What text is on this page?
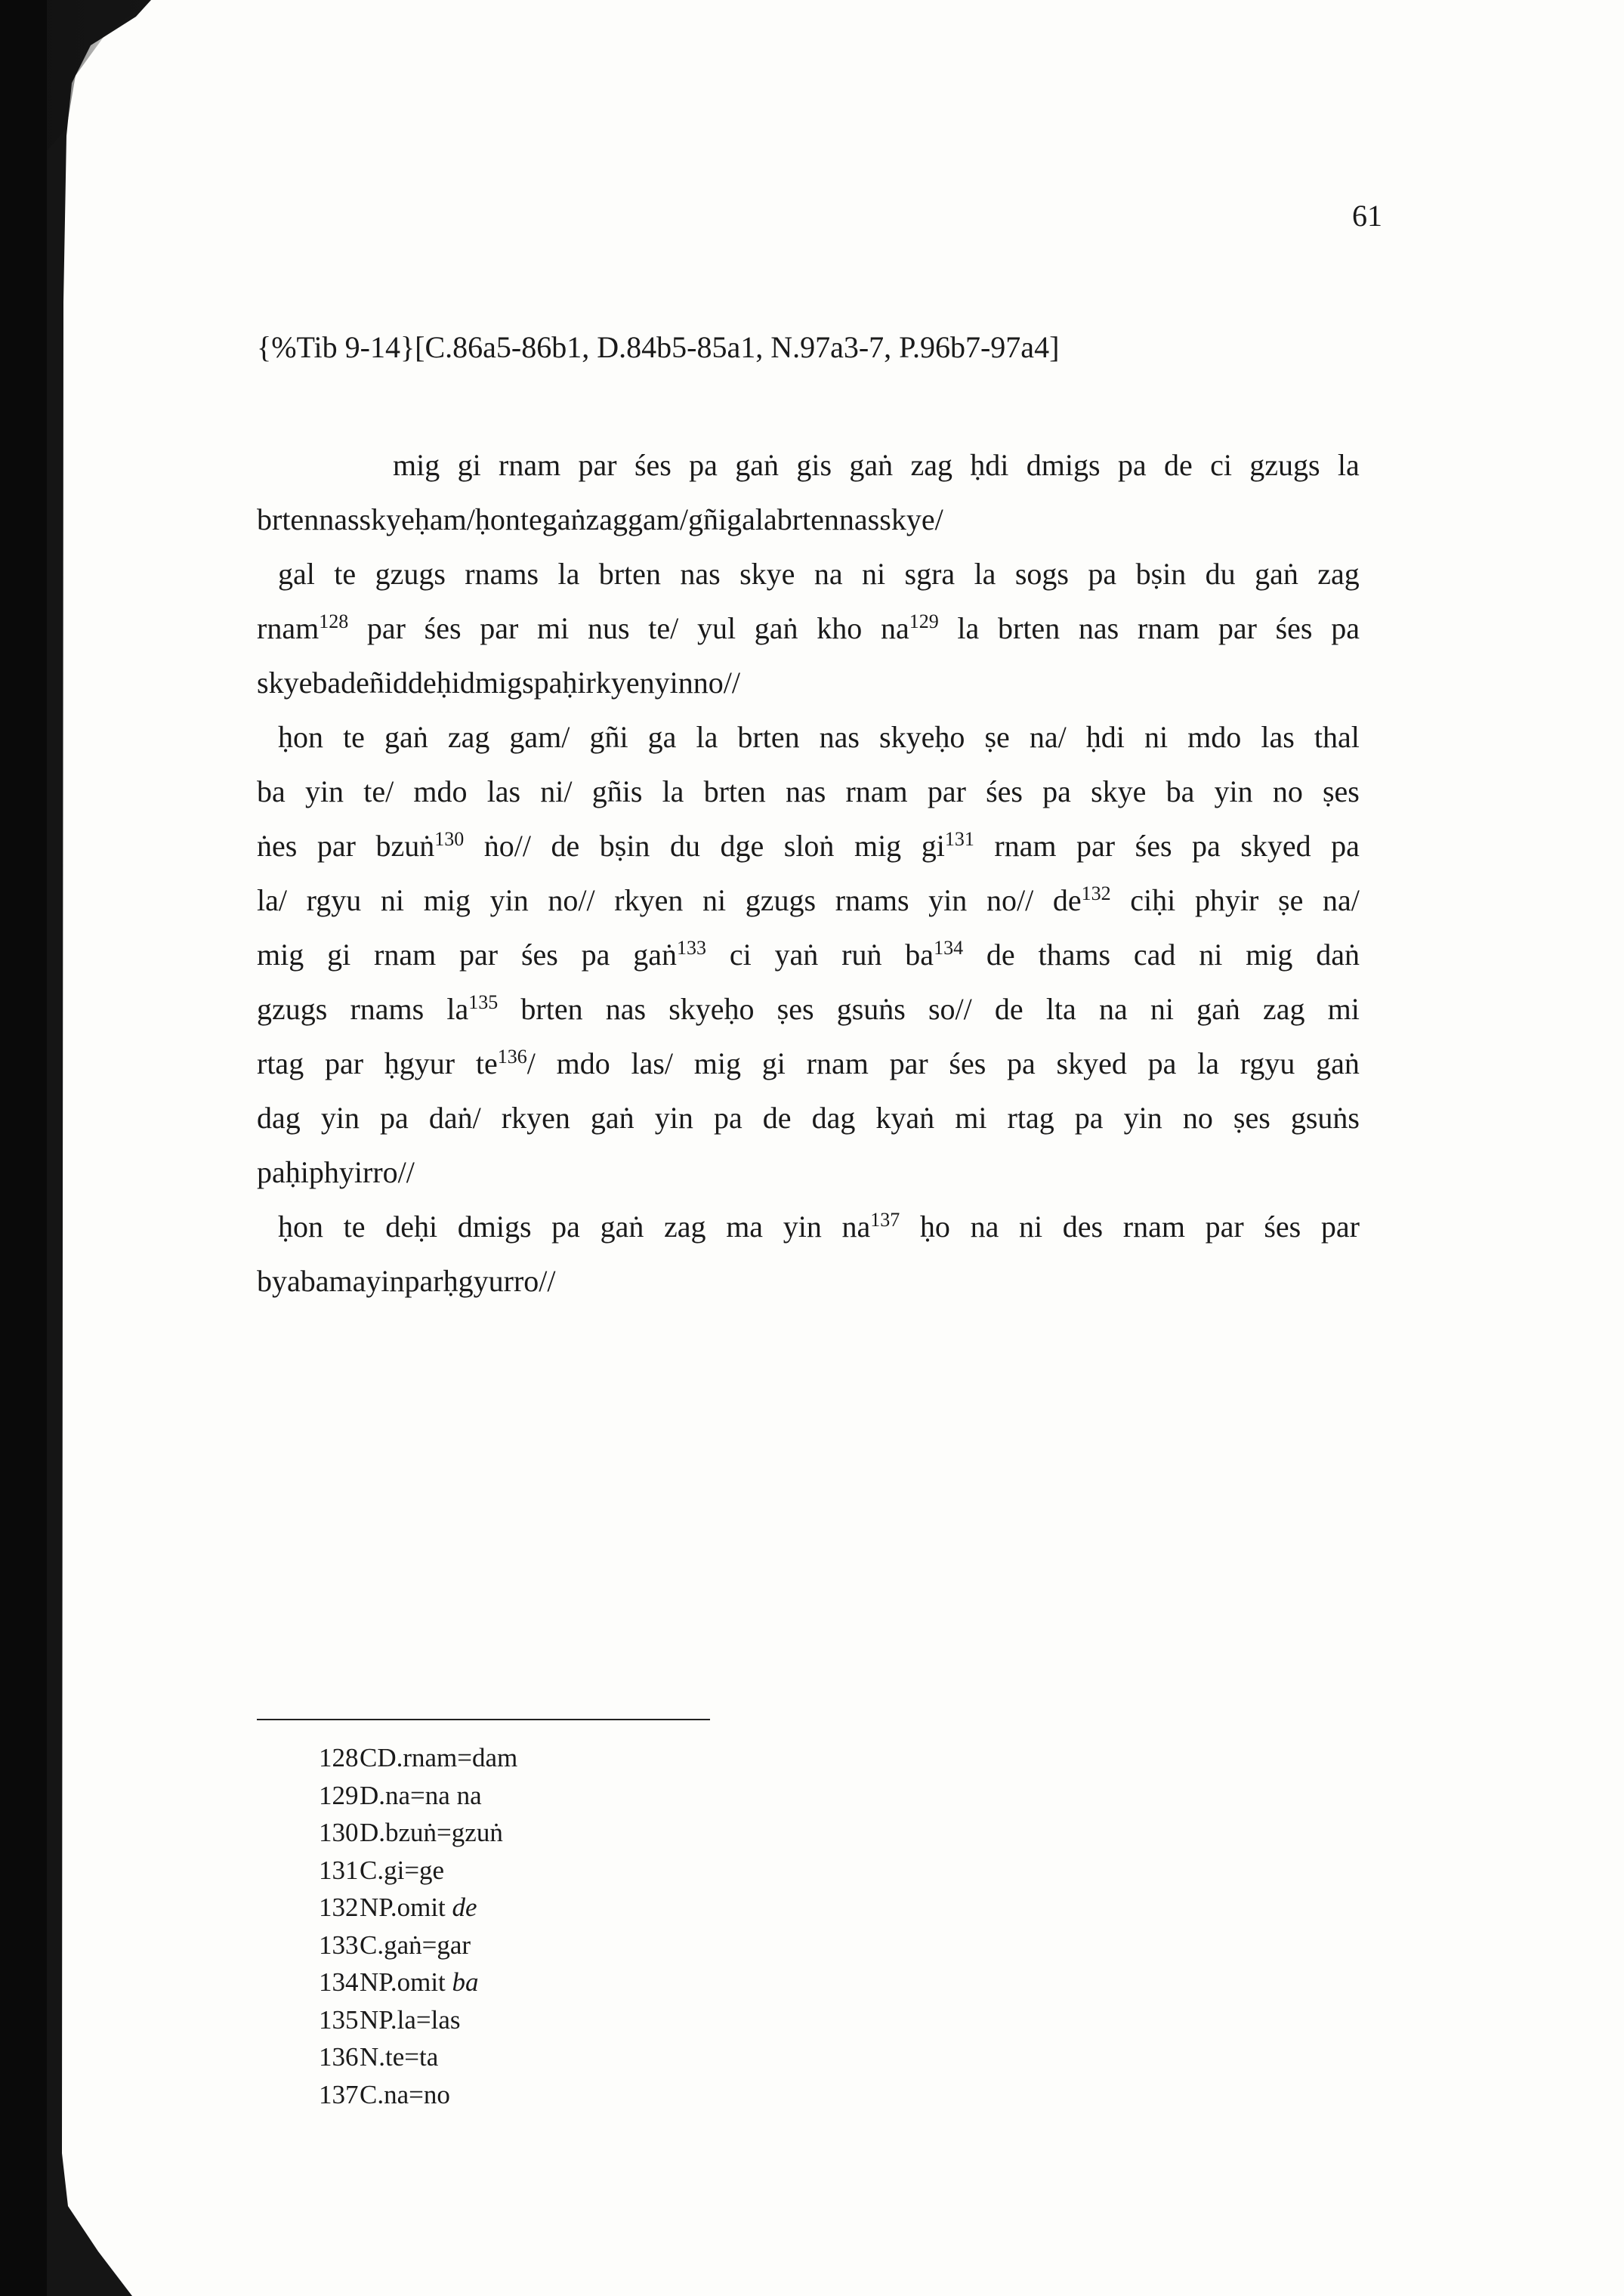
61
{%Tib 9-14}[C.86a5-86b1, D.84b5-85a1, N.97a3-7, P.96b7-97a4]
mig gi rnam par śes pa gaṅ gis gaṅ zag ḥdi dmigs pa de ci gzugs la
brten nas skye ḥam/ ḥon te gaṅ zag gam/ gñi ga la brten nas skye/
gal te gzugs rnams la brten nas skye na ni sgra la sogs pa bṣin du gaṅ zag
rnam$^{128}$ par śes par mi nus te/ yul gaṅ kho $na^{129}$ la brten nas rnam par śes pa
skye ba de ñid deḥi dmigs paḥi rkyen yin no//
ḥon te gaṅ zag gam/ gñi ga la brten nas skyeḥo ṣe na/ ḥdi ni mdo las thal
ba yin te/ mdo las ni/ gñis la brten nas rnam par śes pa skye ba yin no ṣes
ṅes par bzuṅ$^{130}$ ṅo// de bṣin du dge sloṅ mig $gi^{131}$ rnam par śes pa skyed pa
la/ rgyu ni mig yin no// rkyen ni gzugs rnams yin no// $de^{132}$ ciḥi phyir ṣe na/
mig gi rnam par śes pa gaṅ$^{133}$ ci yaṅ ruṅ $ba^{134}$ de thams cad ni mig daṅ
gzugs rnams $la^{135}$ brten nas skyeḥo ṣes gsuṅs so// de lta na ni gaṅ zag mi
rtag par ḥgyur $te^{136}/$ mdo las/ mig gi rnam par śes pa skyed pa la rgyu gaṅ
dag yin pa daṅ/ rkyen gaṅ yin pa de dag kyaṅ mi rtag pa yin no ṣes gsuṅs
paḥi phyir ro//
ḥon te deḥi dmigs pa gaṅ zag ma yin $na^{137}$ ḥo na ni des rnam par śes par
bya ba ma yin par ḥgyur ro//
128CD.rnam=dam
129D.na=na na
130D.bzuṅ=gzuṅ
131C.gi=ge
132NP.omit de
133C.gaṅ=gar
134NP.omit ba
135NP.la=las
136N.te=ta
137C.na=no
